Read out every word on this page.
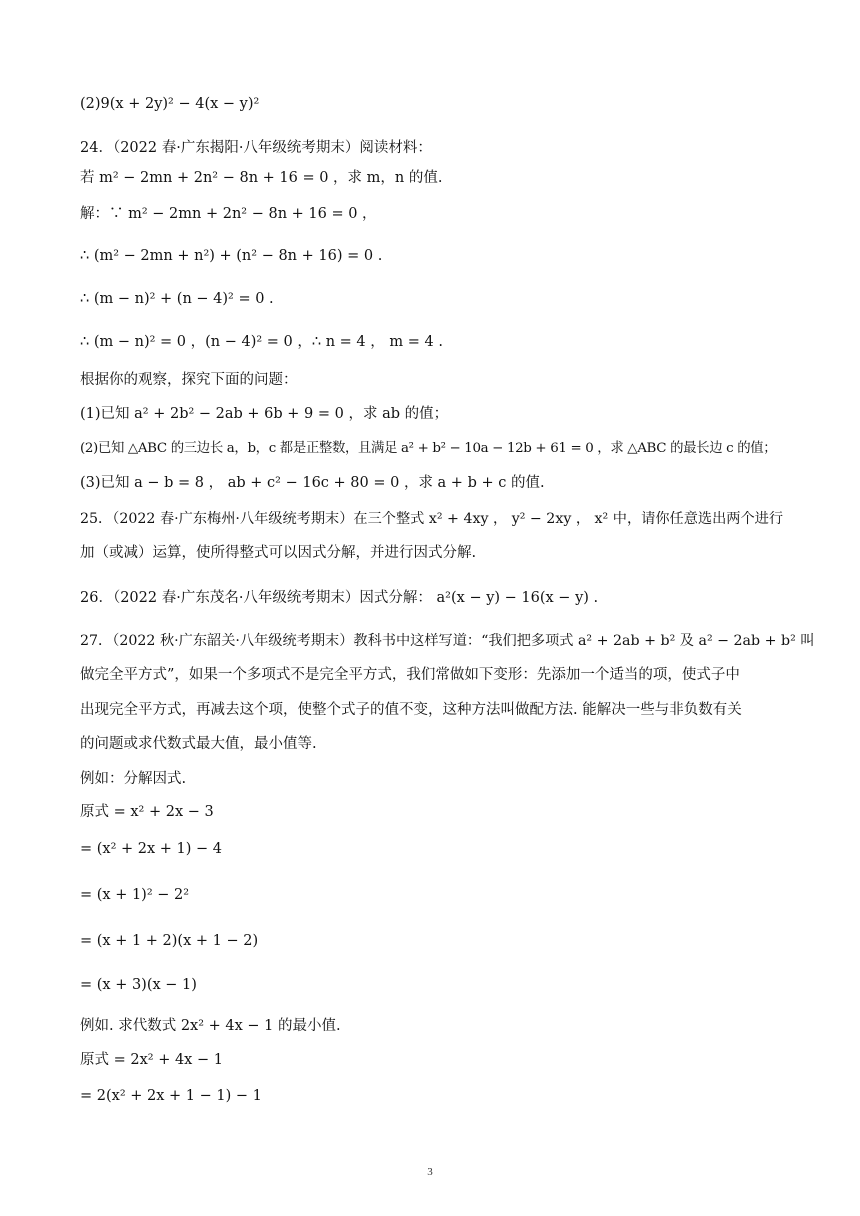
(2)9(x + 2y)² − 4(x − y)²
24．（2022 春·广东揭阳·八年级统考期末）阅读材料：
若 m² − 2mn + 2n² − 8n + 16 = 0 ，求 m，n 的值.
解：∵ m² − 2mn + 2n² − 8n + 16 = 0 ，
∴ (m² − 2mn + n²) + (n² − 8n + 16) = 0 .
∴ (m − n)² + (n − 4)² = 0 .
∴ (m − n)² = 0 ，(n − 4)² = 0 ，∴ n = 4 ， m = 4 .
根据你的观察，探究下面的问题：
(1)已知 a² + 2b² − 2ab + 6b + 9 = 0 ，求 ab 的值；
(2)已知 △ABC 的三边长 a，b，c 都是正整数，且满足 a² + b² − 10a − 12b + 61 = 0 ，求 △ABC 的最长边 c 的值；
(3)已知 a − b = 8 ， ab + c² − 16c + 80 = 0 ，求 a + b + c 的值.
25．（2022 春·广东梅州·八年级统考期末）在三个整式 x² + 4xy ， y² − 2xy ， x² 中，请你任意选出两个进行
加（或减）运算，使所得整式可以因式分解，并进行因式分解.
26．（2022 春·广东茂名·八年级统考期末）因式分解： a²(x − y) − 16(x − y) .
27．（2022 秋·广东韶关·八年级统考期末）教科书中这样写道：“我们把多项式 a² + 2ab + b² 及 a² − 2ab + b² 叫
做完全平方式”，如果一个多项式不是完全平方式，我们常做如下变形：先添加一个适当的项，使式子中
出现完全平方式，再减去这个项，使整个式子的值不变，这种方法叫做配方法. 能解决一些与非负数有关
的问题或求代数式最大值，最小值等.
例如：分解因式.
原式 = x² + 2x − 3
= (x² + 2x + 1) − 4
= (x + 1)² − 2²
= (x + 1 + 2)(x + 1 − 2)
= (x + 3)(x − 1)
例如. 求代数式 2x² + 4x − 1 的最小值.
原式 = 2x² + 4x − 1
= 2(x² + 2x + 1 − 1) − 1
3
